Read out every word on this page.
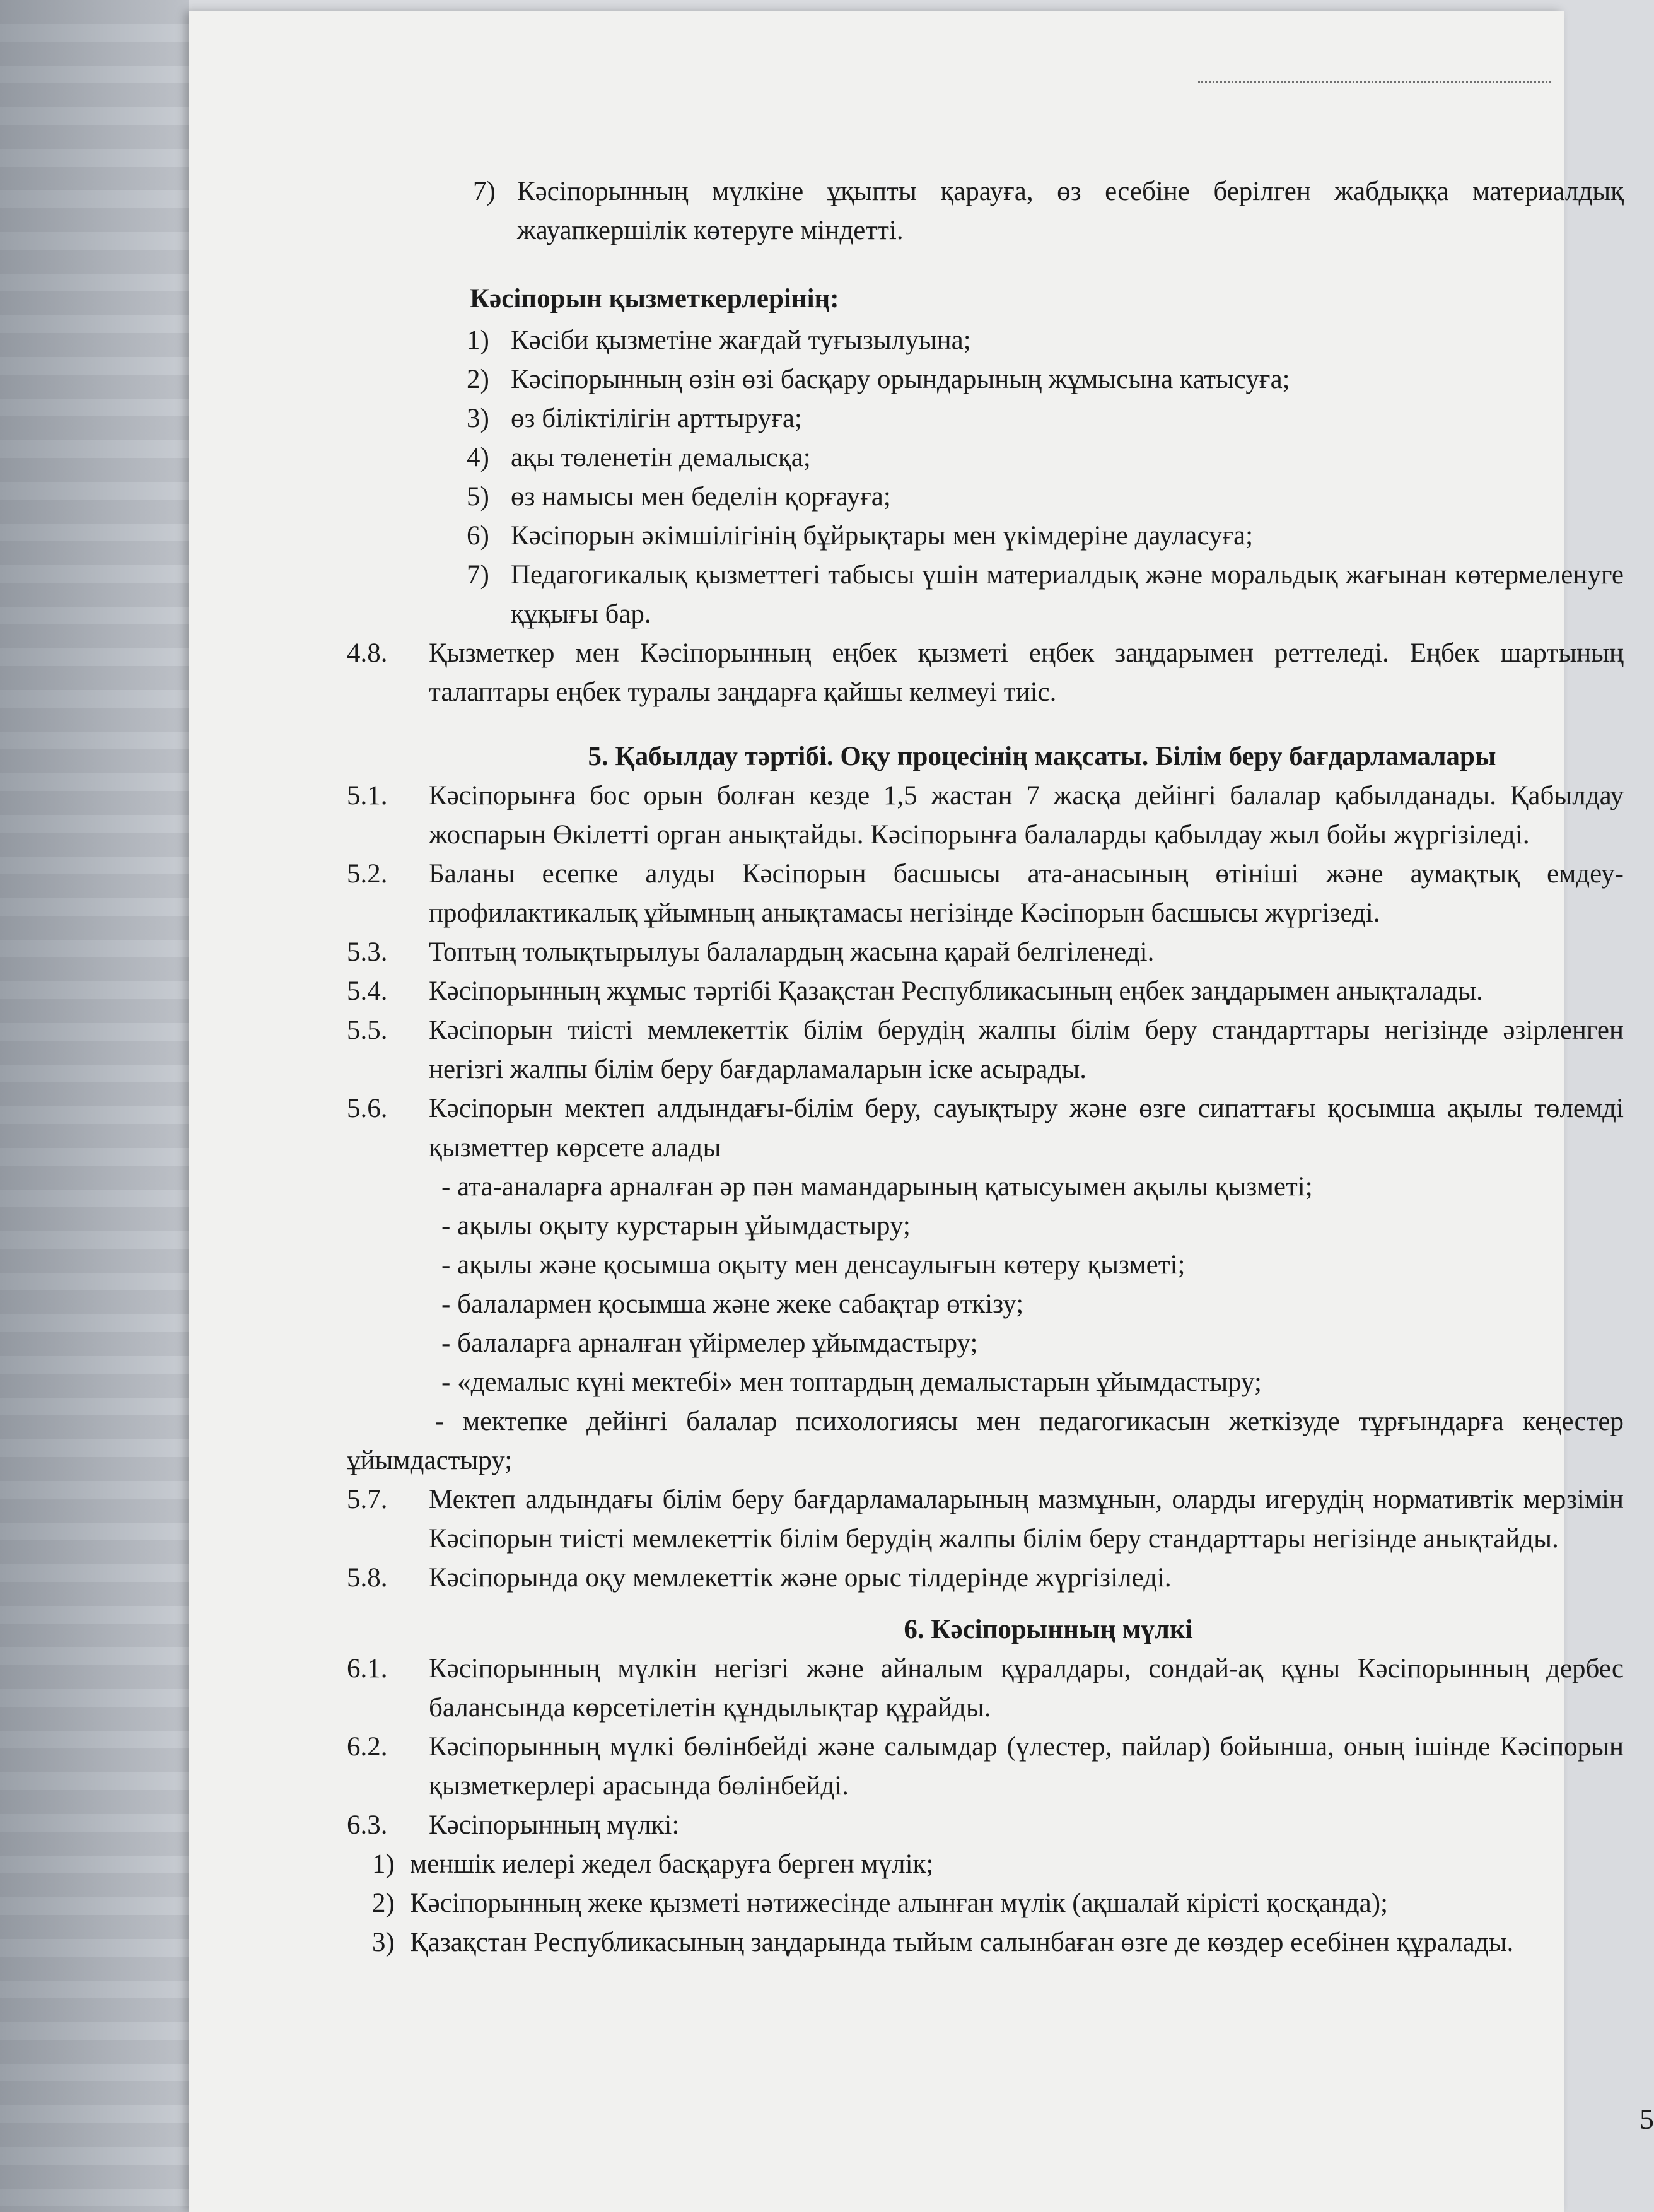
7) Кәсіпорынның мүлкіне ұқыпты қарауға, өз есебіне берілген жабдыққа материалдық жауапкершілік көтеруге міндетті.

Кәсіпорын қызметкерлерінің:

1) Кәсіби қызметіне жағдай туғызылуына;
2) Кәсіпорынның өзін өзі басқару орындарының жұмысына катысуға;
3) өз біліктілігін арттыруға;
4) ақы төленетін демалысқа;
5) өз намысы мен беделін қорғауға;
6) Кәсіпорын әкімшілігінің бұйрықтары мен үкімдеріне дауласуға;
7) Педагогикалық қызметтегі табысы үшін материалдық және моральдық жағынан көтермеленуге құқығы бар.
4.8.	Қызметкер мен Кәсіпорынның еңбек қызметі еңбек заңдарымен реттеледі. Еңбек шартының талаптары еңбек туралы заңдарға қайшы келмеуі тиіс.

5. Қабылдау тәртібі. Оқу процесінің мақсаты. Білім беру бағдарламалары

5.1.	Кәсіпорынға бос орын болған кезде 1,5 жастан 7 жасқа дейінгі балалар қабылданады. Қабылдау жоспарын Өкілетті орган анықтайды. Кәсіпорынға балаларды қабылдау жыл бойы жүргізіледі.
5.2.	Баланы есепке алуды Кәсіпорын басшысы ата-анасының өтініші және аумақтық емдеу-профилактикалық ұйымның анықтамасы негізінде Кәсіпорын басшысы жүргізеді.
5.3.	Топтың толықтырылуы балалардың жасына қарай белгіленеді.
5.4.	Кәсіпорынның жұмыс тәртібі Қазақстан Республикасының еңбек заңдарымен анықталады.
5.5.	Кәсіпорын тиісті мемлекеттік білім берудің жалпы білім беру стандарттары негізінде әзірленген негізгі жалпы білім беру бағдарламаларын іске асырады.
5.6.	Кәсіпорын мектеп алдындағы-білім беру, сауықтыру және өзге сипаттағы қосымша ақылы төлемді қызметтер көрсете алады

- ата-аналарға арналған әр пән мамандарының қатысуымен ақылы қызметі;

- ақылы оқыту курстарын ұйымдастыру;

- ақылы және қосымша оқыту мен денсаулығын көтеру қызметі;

- балалармен қосымша және жеке сабақтар өткізу;

- балаларға арналған үйірмелер ұйымдастыру;

- «демалыс күні мектебі» мен топтардың демалыстарын ұйымдастыру;

- мектепке дейінгі балалар психологиясы мен педагогикасын жеткізуде тұрғындарға кеңестер ұйымдастыру;

5.7.	Мектеп алдындағы білім беру бағдарламаларының мазмұнын, оларды игерудің нормативтік мерзімін Кәсіпорын тиісті мемлекеттік білім берудің жалпы білім беру стандарттары негізінде анықтайды.
5.8.	Кәсіпорында оқу мемлекеттік және орыс тілдерінде жүргізіледі.

6. Кәсіпорынның мүлкі

6.1.	Кәсіпорынның мүлкін негізгі және айналым құралдары, сондай-ақ құны Кәсіпорынның дербес балансында көрсетілетін құндылықтар құрайды.
6.2.	Кәсіпорынның мүлкі бөлінбейді және салымдар (үлестер, пайлар) бойынша, оның ішінде Кәсіпорын қызметкерлері арасында бөлінбейді.
6.3.	Кәсіпорынның мүлкі:
1) меншік иелері жедел басқаруға берген мүлік;
2) Кәсіпорынның жеке қызметі нәтижесінде алынған мүлік (ақшалай кірісті қосқанда);
3) Қазақстан Республикасының заңдарында тыйым салынбаған өзге де көздер есебінен құралады.
5
